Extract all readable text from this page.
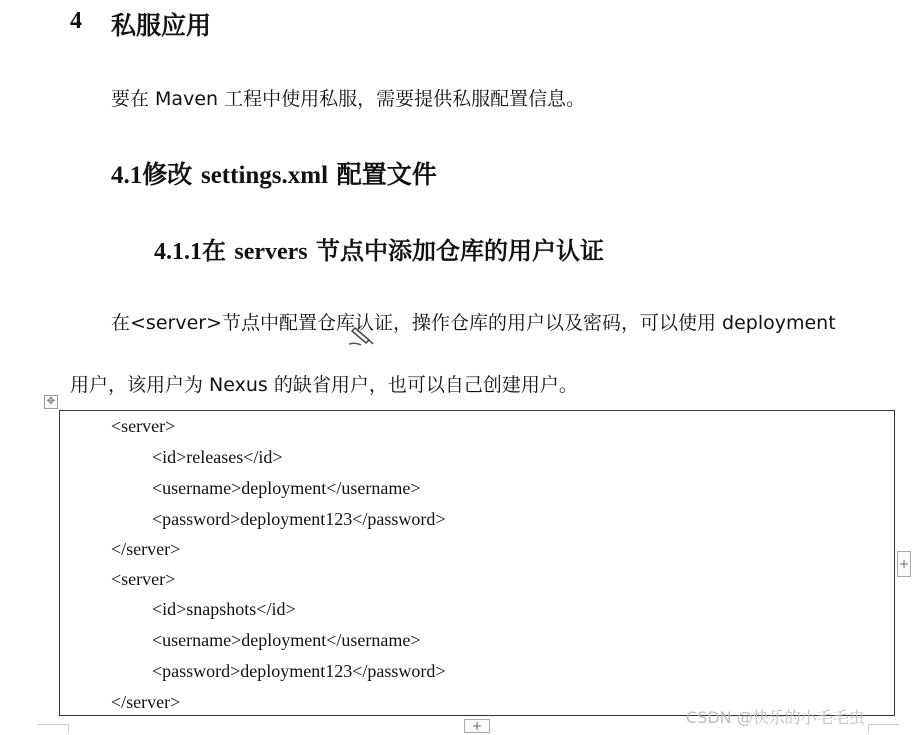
4 私服应用
要在 Maven 工程中使用私服，需要提供私服配置信息。
4.1修改 settings.xml 配置文件
4.1.1在 servers 节点中添加仓库的用户认证
在<server>节点中配置仓库认证，操作仓库的用户以及密码，可以使用 deployment
用户，该用户为 Nexus 的缺省用户，也可以自己创建用户。
✥
<server>
<id>releases</id>
<username>deployment</username>
<password>deployment123</password>
</server>
<server>
<id>snapshots</id>
<username>deployment</username>
<password>deployment123</password>
</server>
+
+	CSDN @快乐的小毛毛虫
